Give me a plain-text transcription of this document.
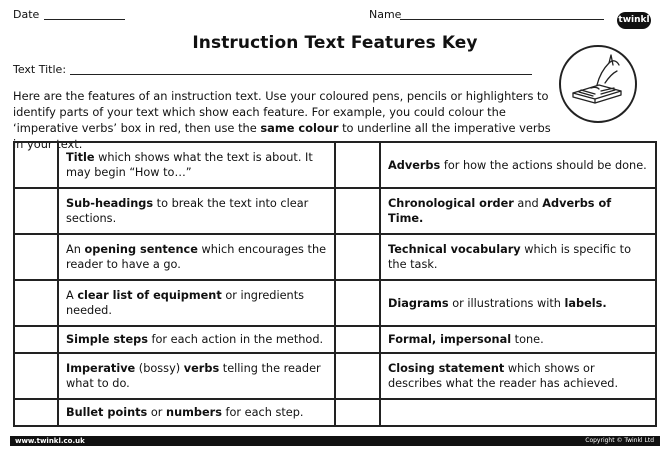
Date	Name	twinkl
Instruction Text Features Key
Text Title:
Here are the features of an instruction text. Use your coloured pens, pencils or highlighters to identify parts of your text which show each feature. For example, you could colour the ‘imperative verbs’ box in red, then use the same colour to underline all the imperative verbs in your text.
	Title which shows what the text is about. It may begin “How to…”		Adverbs for how the actions should be done.
	Sub-headings to break the text into clear sections.		Chronological order and Adverbs of Time.
	An opening sentence which encourages the reader to have a go.		Technical vocabulary which is specific to the task.
	A clear list of equipment or ingredients needed.		Diagrams or illustrations with labels.
	Simple steps for each action in the method.		Formal, impersonal tone.
	Imperative (bossy) verbs telling the reader what to do.		Closing statement which shows or describes what the reader has achieved.
	Bullet points or numbers for each step.		
www.twinkl.co.uk	Copyright © Twinkl Ltd
